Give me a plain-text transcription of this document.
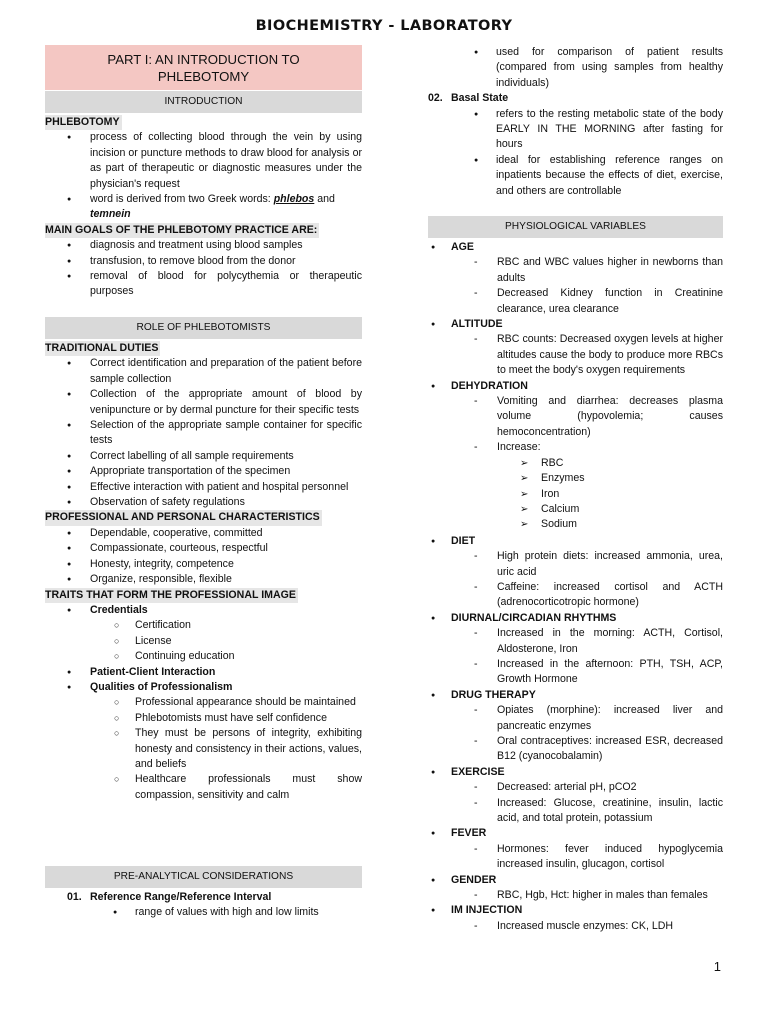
BIOCHEMISTRY - LABORATORY
PART I: AN INTRODUCTION TO PHLEBOTOMY
INTRODUCTION
PHLEBOTOMY
● process of collecting blood through the vein by using incision or puncture methods to draw blood for analysis or as part of therapeutic or diagnostic measures under the physician's request
● word is derived from two Greek words: phlebos and
temnein
MAIN GOALS OF THE PHLEBOTOMY PRACTICE ARE:
● diagnosis and treatment using blood samples
● transfusion, to remove blood from the donor
● removal of blood for polycythemia or therapeutic purposes
ROLE OF PHLEBOTOMISTS
TRADITIONAL DUTIES
● Correct identification and preparation of the patient before sample collection
● Collection of the appropriate amount of blood by venipuncture or by dermal puncture for their specific tests
● Selection of the appropriate sample container for specific tests
● Correct labelling of all sample requirements
● Appropriate transportation of the specimen
● Effective interaction with patient and hospital personnel
● Observation of safety regulations
PROFESSIONAL AND PERSONAL CHARACTERISTICS
● Dependable, cooperative, committed
● Compassionate, courteous, respectful
● Honesty, integrity, competence
● Organize, responsible, flexible
TRAITS THAT FORM THE PROFESSIONAL IMAGE
● Credentials
○ Certification
○ License
○ Continuing education
● Patient-Client Interaction
● Qualities of Professionalism
○ Professional appearance should be maintained
○ Phlebotomists must have self confidence
○ They must be persons of integrity, exhibiting honesty and consistency in their actions, values, and beliefs
○ Healthcare professionals must show compassion, sensitivity and calm
PRE-ANALYTICAL CONSIDERATIONS
01. Reference Range/Reference Interval
● range of values with high and low limits
● used for comparison of patient results (compared from using samples from healthy individuals)
02. Basal State
● refers to the resting metabolic state of the body EARLY IN THE MORNING after fasting for hours
● ideal for establishing reference ranges on inpatients because the effects of diet, exercise, and others are controllable
PHYSIOLOGICAL VARIABLES
● AGE
- RBC and WBC values higher in newborns than adults
- Decreased Kidney function in Creatinine clearance, urea clearance
● ALTITUDE
- RBC counts: Decreased oxygen levels at higher altitudes cause the body to produce more RBCs to meet the body's oxygen requirements
● DEHYDRATION
- Vomiting and diarrhea: decreases plasma volume (hypovolemia; causes hemoconcentration)
- Increase:
➢ RBC
➢ Enzymes
➢ Iron
➢ Calcium
➢ Sodium
● DIET
- High protein diets: increased ammonia, urea, uric acid
- Caffeine: increased cortisol and ACTH (adrenocorticotropic hormone)
● DIURNAL/CIRCADIAN RHYTHMS
- Increased in the morning: ACTH, Cortisol, Aldosterone, Iron
- Increased in the afternoon: PTH, TSH, ACP, Growth Hormone
● DRUG THERAPY
- Opiates (morphine): increased liver and pancreatic enzymes
- Oral contraceptives: increased ESR, decreased B12 (cyanocobalamin)
● EXERCISE
- Decreased: arterial pH, pCO2
- Increased: Glucose, creatinine, insulin, lactic acid, and total protein, potassium
● FEVER
- Hormones: fever induced hypoglycemia increased insulin, glucagon, cortisol
● GENDER
- RBC, Hgb, Hct: higher in males than females
● IM INJECTION
- Increased muscle enzymes: CK, LDH
1
